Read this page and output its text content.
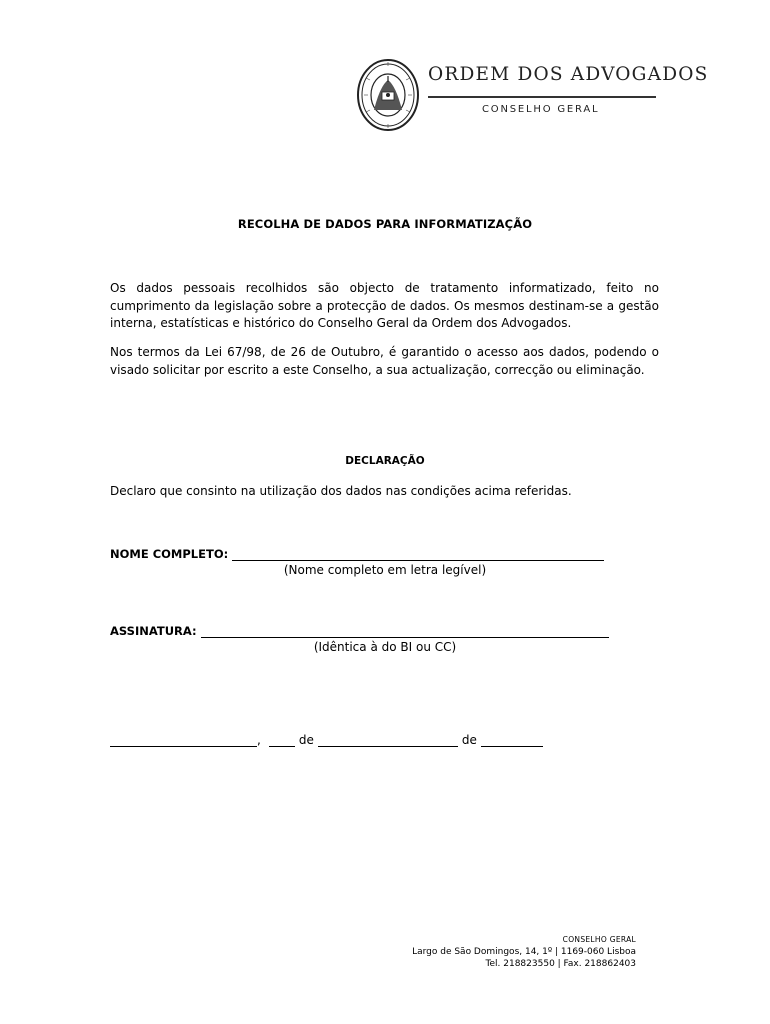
ORDEM DOS ADVOGADOS
CONSELHO GERAL
RECOLHA DE DADOS PARA INFORMATIZAÇÃO

Os dados pessoais recolhidos são objecto de tratamento informatizado, feito no cumprimento da legislação sobre a protecção de dados. Os mesmos destinam-se a gestão interna, estatísticas e histórico do Conselho Geral da Ordem dos Advogados.

Nos termos da Lei 67/98, de 26 de Outubro, é garantido o acesso aos dados, podendo o visado solicitar por escrito a este Conselho, a sua actualização, correcção ou eliminação.

DECLARAÇÃO
Declaro que consinto na utilização dos dados nas condições acima referidas.
NOME COMPLETO:
(Nome completo em letra legível)
ASSINATURA:
(Idêntica à do BI ou CC)
,	de	de
CONSELHO GERAL
Largo de São Domingos, 14, 1º | 1169-060 Lisboa
Tel. 218823550 | Fax. 218862403
